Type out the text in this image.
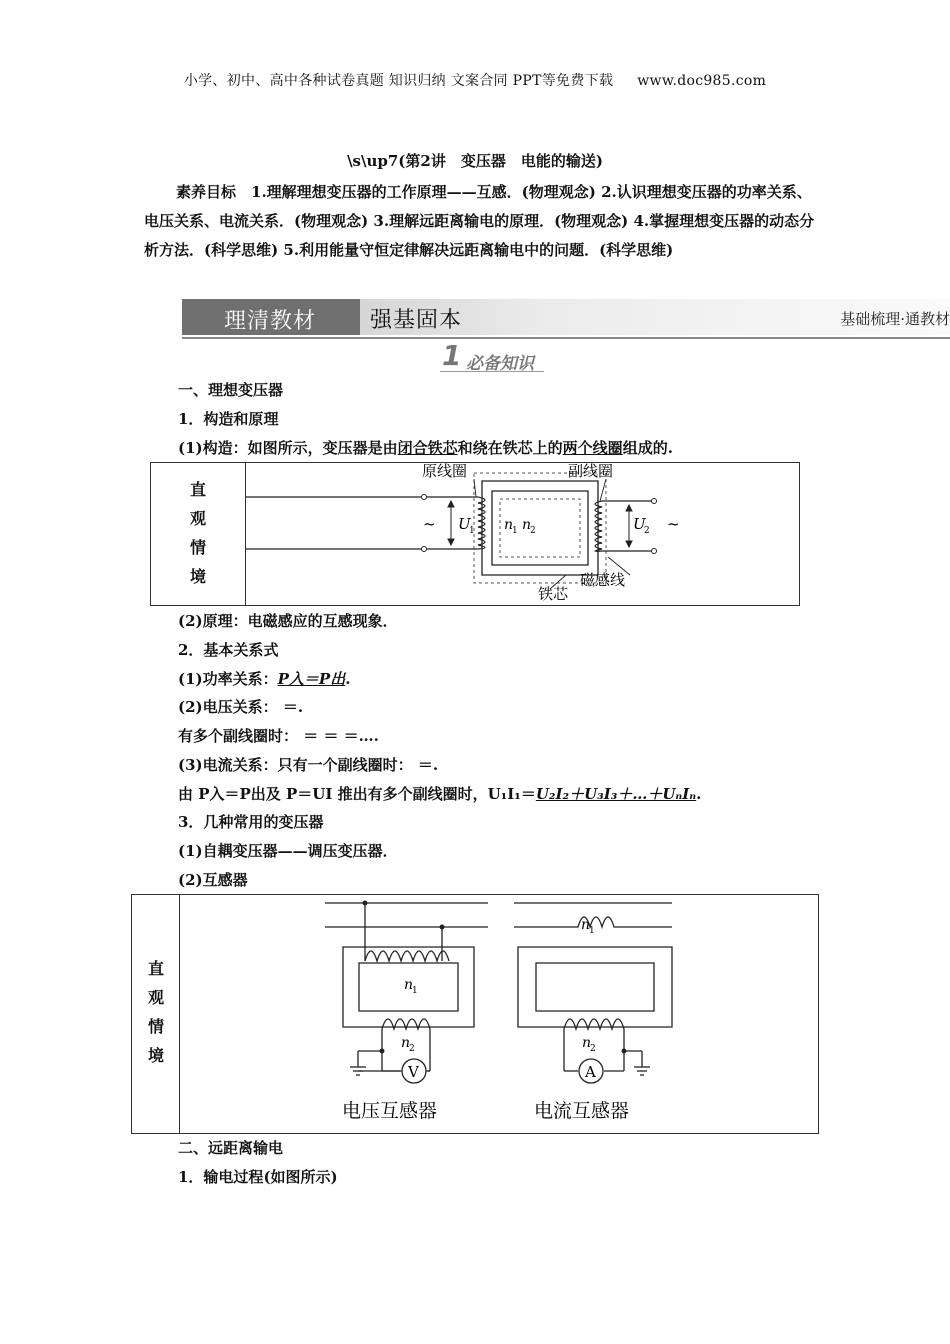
小学、初中、高中各种试卷真题 知识归纳 文案合同 PPT等免费下载 www.doc985.com
\s\up7(第2讲　变压器　电能的输送)
素养目标　1.理解理想变压器的工作原理——互感．(物理观念) 2.认识理想变压器的功率关系、电压关系、电流关系．(物理观念) 3.理解远距离输电的原理．(物理观念) 4.掌握理想变压器的动态分析方法．(科学思维) 5.利用能量守恒定律解决远距离输电中的问题．(科学思维)
强基固本	基础梳理·通教材
理清教材
1 必备知识
一、理想变压器
1．构造和原理
(1)构造：如图所示，变压器是由闭合铁芯和绕在铁芯上的两个线圈组成的.
直
观
情
境
~	~
U
1	U
2
n
1 n
2
原线圈	副线圈
铁芯
磁感线
(2)原理：电磁感应的互感现象．
2．基本关系式
(1)功率关系：P入＝P出.
(2)电压关系： ＝.
有多个副线圈时： ＝ ＝ ＝….
(3)电流关系：只有一个副线圈时： ＝.
由 P入＝P出及 P＝UI 推出有多个副线圈时，U₁I₁＝U₂I₂＋U₃I₃＋…＋UₙIₙ.
3．几种常用的变压器
(1)自耦变压器——调压变压器．
(2)互感器
直
观
情
境
V
n
1
n
2
电压互感器
A
n
1
n
2
电流互感器
二、远距离输电
1．输电过程(如图所示)
